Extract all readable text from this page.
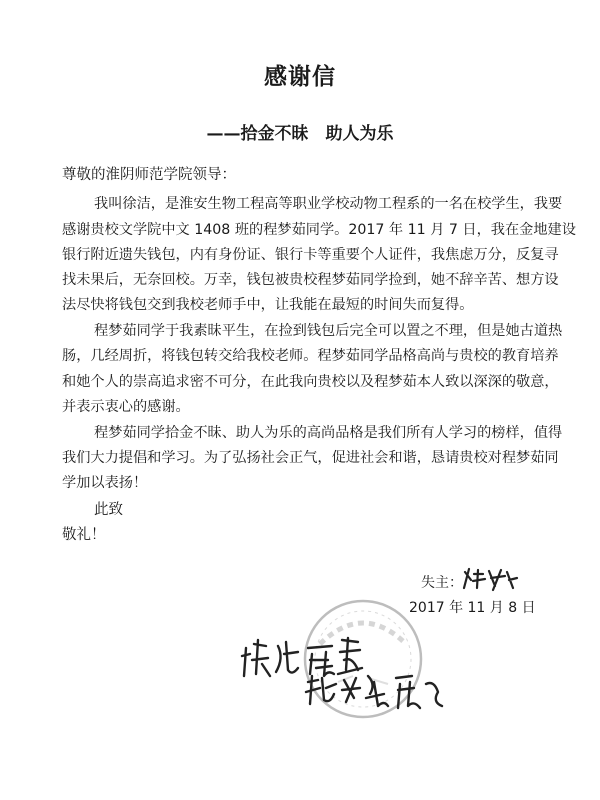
感谢信
——拾金不昧　助人为乐
尊敬的淮阴师范学院领导：
我叫徐洁，是淮安生物工程高等职业学校动物工程系的一名在校学生，我要
感谢贵校文学院中文 1408 班的程梦茹同学。2017 年 11 月 7 日，我在金地建设
银行附近遗失钱包，内有身份证、银行卡等重要个人证件，我焦虑万分，反复寻
找未果后，无奈回校。万幸，钱包被贵校程梦茹同学捡到，她不辞辛苦、想方设
法尽快将钱包交到我校老师手中，让我能在最短的时间失而复得。
程梦茹同学于我素昧平生，在捡到钱包后完全可以置之不理，但是她古道热
肠，几经周折，将钱包转交给我校老师。程梦茹同学品格高尚与贵校的教育培养
和她个人的崇高追求密不可分，在此我向贵校以及程梦茹本人致以深深的敬意，
并表示衷心的感谢。
程梦茹同学拾金不昧、助人为乐的高尚品格是我们所有人学习的榜样，值得
我们大力提倡和学习。为了弘扬社会正气，促进社会和谐，恳请贵校对程梦茹同
学加以表扬！
此致
敬礼！
失主：
2017 年 11 月 8 日
